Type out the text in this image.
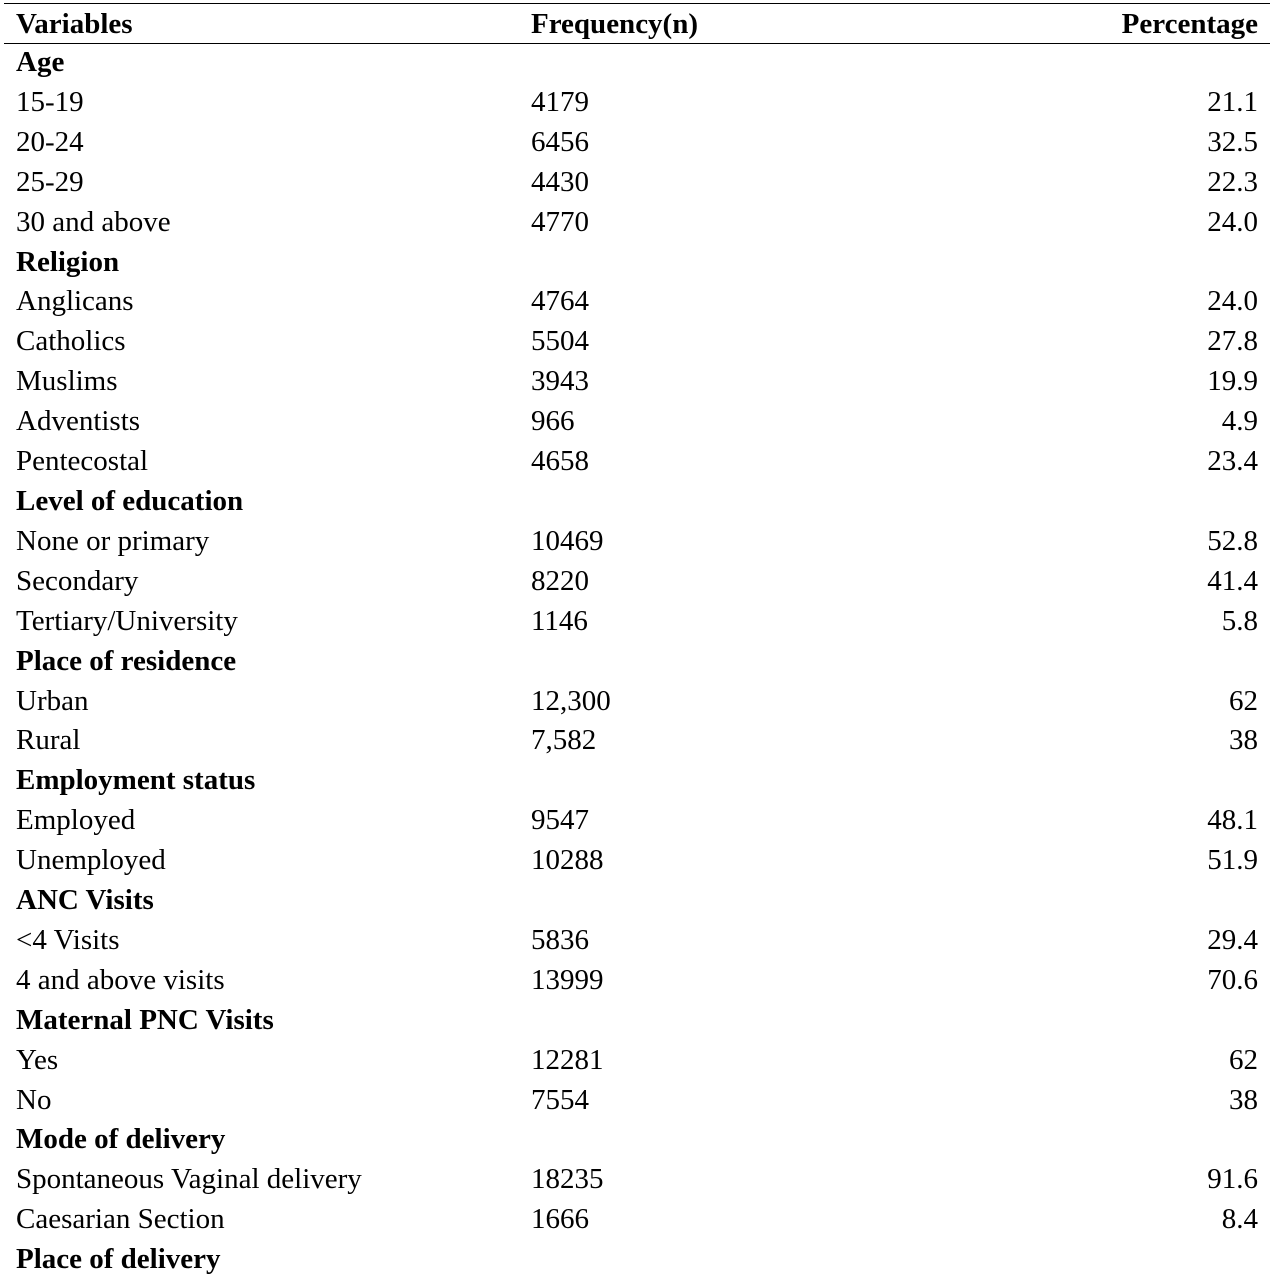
Variables	Frequency(n)	Percentage
Age		
15-19	4179	21.1
20-24	6456	32.5
25-29	4430	22.3
30 and above	4770	24.0
Religion		
Anglicans	4764	24.0
Catholics	5504	27.8
Muslims	3943	19.9
Adventists	966	4.9
Pentecostal	4658	23.4
Level of education		
None or primary	10469	52.8
Secondary	8220	41.4
Tertiary/University	1146	5.8
Place of residence		
Urban	12,300	62
Rural	7,582	38
Employment status		
Employed	9547	48.1
Unemployed	10288	51.9
ANC Visits		
<4 Visits	5836	29.4
4 and above visits	13999	70.6
Maternal PNC Visits		
Yes	12281	62
No	7554	38
Mode of delivery		
Spontaneous Vaginal delivery	18235	91.6
Caesarian Section	1666	8.4
Place of delivery		
